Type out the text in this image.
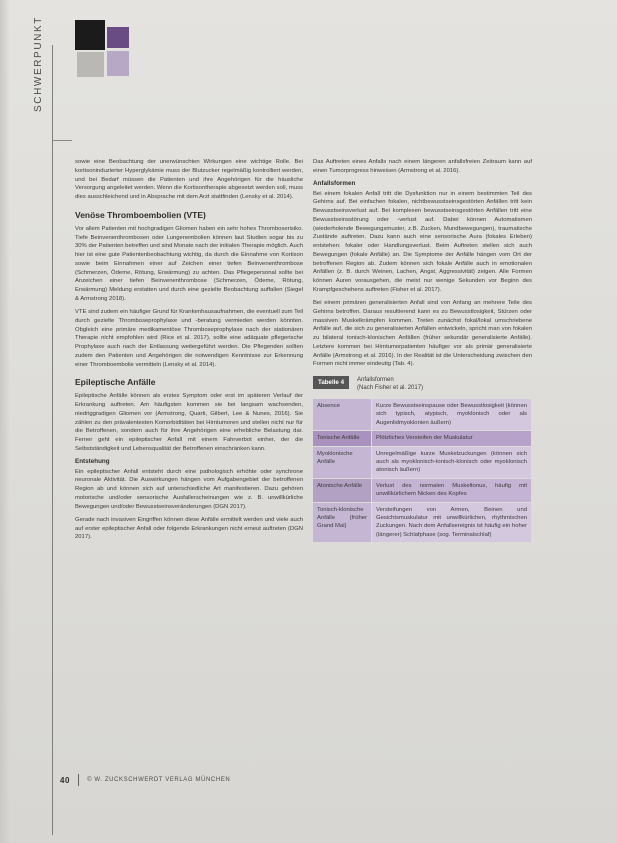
SCHWERPUNKT

sowie eine Beobachtung der unerwünschten Wirkungen eine wichtige Rolle. Bei kortisoninduzierter Hyperglykämie muss der Blutzucker regelmäßig kontrolliert werden, und bei Bedarf müssen die Patienten und ihre Angehörigen für die häusliche Versorgung angeleitet werden. Wenn die Kortisontherapie abgesetzt werden soll, muss dies ausschleichend und in Absprache mit dem Arzt stattfinden (Lensky et al. 2014).

Venöse Thromboembolien (VTE)

Vor allem Patienten mit hochgradigen Gliomen haben ein sehr hohes Thromboserisiko. Tiefe Beinvenenthrombosen oder Lungenembolien können laut Studien sogar bis zu 30% der Patienten betreffen und sind Monate nach der initialen Therapie möglich. Auch hier ist eine gute Patientenbeobachtung wichtig, da durch die Einnahme von Kortison sowie beim Einnahmen einer auf Zeichen einer tiefen Beinvenenthrombose (Schmerzen, Ödeme, Rötung, Erwärmung) zu achten. Das Pflegepersonal sollte bei Anzeichen einer tiefen Beinvenenthrombose (Schmerzen, Ödeme, Rötung, Erwärmung) Meldung erstatten und durch eine gezielte Beobachtung auffallen (Siegel & Armstrong 2018).

VTE sind zudem ein häufiger Grund für Krankenhausaufnahmen, die eventuell zum Teil durch gezielte Thromboseprophylaxe und -beratung vermieden werden könnten. Obgleich eine primäre medikamentöse Thromboseprophylaxe nach der stationären Therapie nicht empfohlen wird (Rice et al. 2017), sollte eine adäquate pflegerische Prophylaxe auch nach der Entlassung weitergeführt werden. Die Pflegenden sollten zudem den Patienten und Angehörigen die notwendigen Kenntnisse zur Erkennung einer Thromboembolie vermitteln (Lensky et al. 2014).

Epileptische Anfälle

Epileptische Anfälle können als erstes Symptom oder erst im späteren Verlauf der Erkrankung auftreten. Am häufigsten kommen sie bei langsam wachsenden, niedriggradigen Gliomen vor (Armstrong, Quarti, Gilbert, Lee & Nunes, 2016). Sie zählen zu den prävalentesten Komorbiditäten bei Hirntumoren und stellen nicht nur für die Betroffenen, sondern auch für ihre Angehörigen eine erhebliche Belastung dar. Ferner geht ein epileptischer Anfall mit einem Fahrverbot einher, der die Selbstständigkeit und Lebensqualität der Betroffenen einschränken kann.

Entstehung

Ein epileptischer Anfall entsteht durch eine pathologisch erhöhte oder synchrone neuronale Aktivität. Die Auswirkungen hängen vom Aufgabengebiet der betroffenen Region ab und können sich auf unterschiedliche Art manifestieren. Dazu gehören motorische und/oder sensorische Ausfallerscheinungen wie z. B. unwillkürliche Bewegungen und/oder Bewusstseinsveränderungen (DGN 2017).

Gerade nach invasiven Eingriffen können diese Anfälle ermittelt werden und viele auch auf erster epileptischer Anfall oder folgende Erkrankungen nicht erneut auftreten (DGN 2017).

Das Auftreten eines Anfalls nach einem längeren anfallsfreien Zeitraum kann auf einen Tumorprogress hinweisen (Armstrong et al. 2016).

Anfallsformen

Bei einem fokalen Anfall tritt die Dysfunktion nur in einem bestimmten Teil des Gehirns auf. Bei einfachen fokalen, nichtbewusstseinsgestörten Anfällen tritt kein Bewusstseinsverlust auf. Bei komplexen bewusstseinsgestörten Anfällen tritt eine Bewusstseinsstörung oder -verlust auf. Dabei können Automatismen (wiederholende Bewegungsmuster, z.B. Zucken, Mundbewegungen), traumatische Zustände auftreten. Dazu kann auch eine sensorische Aura (fokales Erleben) entstehen: fokaler oder Handlungsverlust. Beim Auftreten stellen sich auch Bewegungen (fokale Anfälle) an. Die Symptome der Anfälle hängen vom Ort der betroffenen Region ab. Zudem können sich fokale Anfälle auch in emotionalen Anfällen (z. B. durch Weinen, Lachen, Angst, Aggressivität) zeigen. Alle Formen können Auren vorausgehen, die meist nur wenige Sekunden vor Beginn des Krampfgeschehens auftreten (Fisher et al. 2017).

Bei einem primären generalisierten Anfall sind von Anfang an mehrere Teile des Gehirns betroffen. Daraus resultierend kann es zu Bewusstlosigkeit, Stürzen oder massiven Muskelkrämpfen kommen. Treten zunächst fokal/lokal umschriebene Anfälle auf, die sich zu generalisierten Anfällen entwickeln, spricht man von fokalen zu bilateral tonisch-klonischen Anfällen (früher sekundär generalisierte Anfälle). Letztere kommen bei Hirntumorpatienten häufiger vor als primär generalisierte Anfälle (Armstrong et al. 2016). In der Realität ist die Unterscheidung zwischen den Formen nicht immer eindeutig (Tab. 4).

Tabelle 4	Anfallsformen
(Nach Fisher et al. 2017)
Absence	Kurze Bewusstseinspause oder Bewusstlosigkeit (können sich typisch, atypisch, myoklonisch oder als Augenlidmyoklonien äußern)
Tonische Anfälle	Plötzliches Versteifen der Muskulatur
Myoklonische Anfälle	Unregelmäßige kurze Muskelzuckungen (können sich auch als myoklonisch-tonisch-klonisch oder myoklonisch atonisch äußern)
Atonische Anfälle	Verlust des normalen Muskeltonus, häufig mit unwillkürlichem Nicken des Kopfes
Tonisch-klonische Anfälle (früher Grand Mal)	Versteifungen von Armen, Beinen und Gesichtsmuskulatur mit unwillkürlichen, rhythmischen Zuckungen. Nach dem Anfallsereignis ist häufig ein hoher (längerer) Schlafphase (sog. Terminalschlaf)
40	© W. ZUCKSCHWERDT VERLAG MÜNCHEN
